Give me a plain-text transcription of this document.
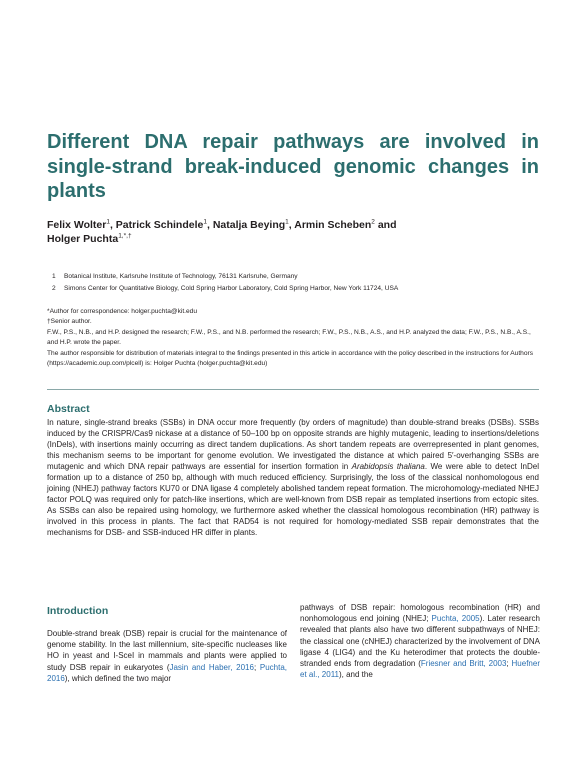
Different DNA repair pathways are involved in single-strand break-induced genomic changes in plants
Felix Wolter$^1$, Patrick Schindele$^1$, Natalja Beying$^1$, Armin Scheben$^2$ and
Holger Puchta$^{1,*,\dagger}$
1 Botanical Institute, Karlsruhe Institute of Technology, 76131 Karlsruhe, Germany
2 Simons Center for Quantitative Biology, Cold Spring Harbor Laboratory, Cold Spring Harbor, New York 11724, USA

*Author for correspondence: holger.puchta@kit.edu

†Senior author.

F.W., P.S., N.B., and H.P. designed the research; F.W., P.S., and N.B. performed the research; F.W., P.S., N.B., A.S., and H.P. analyzed the data; F.W., P.S., N.B., A.S., and H.P. wrote the paper.

The author responsible for distribution of materials integral to the findings presented in this article in accordance with the policy described in the instructions for Authors (https://academic.oup.com/plcell) is: Holger Puchta (holger.puchta@kit.edu)

Abstract

In nature, single-strand breaks (SSBs) in DNA occur more frequently (by orders of magnitude) than double-strand breaks (DSBs). SSBs induced by the CRISPR/Cas9 nickase at a distance of 50–100 bp on opposite strands are highly mutagenic, leading to insertions/deletions (InDels), with insertions mainly occurring as direct tandem duplications. As short tandem repeats are overrepresented in plant genomes, this mechanism seems to be important for genome evolution. We investigated the distance at which paired 5′-overhanging SSBs are mutagenic and which DNA repair pathways are essential for insertion formation in Arabidopsis thaliana. We were able to detect InDel formation up to a distance of 250 bp, although with much reduced efficiency. Surprisingly, the loss of the classical nonhomologous end joining (NHEJ) pathway factors KU70 or DNA ligase 4 completely abolished tandem repeat formation. The microhomology-mediated NHEJ factor POLQ was required only for patch-like insertions, which are well-known from DSB repair as templated insertions from ectopic sites. As SSBs can also be repaired using homology, we furthermore asked whether the classical homologous recombination (HR) pathway is involved in this process in plants. The fact that RAD54 is not required for homology-mediated SSB repair demonstrates that the mechanisms for DSB- and SSB-induced HR differ in plants.

Introduction

Double-strand break (DSB) repair is crucial for the maintenance of genome stability. In the last millennium, site-specific nucleases like HO in yeast and I-SceI in mammals and plants were applied to study DSB repair in eukaryotes (Jasin and Haber, 2016; Puchta, 2016), which defined the two major

pathways of DSB repair: homologous recombination (HR) and nonhomologous end joining (NHEJ; Puchta, 2005). Later research revealed that plants also have two different subpathways of NHEJ: the classical one (cNHEJ) characterized by the involvement of DNA ligase 4 (LIG4) and the Ku heterodimer that protects the double-stranded ends from degradation (Friesner and Britt, 2003; Huefner et al., 2011), and the
